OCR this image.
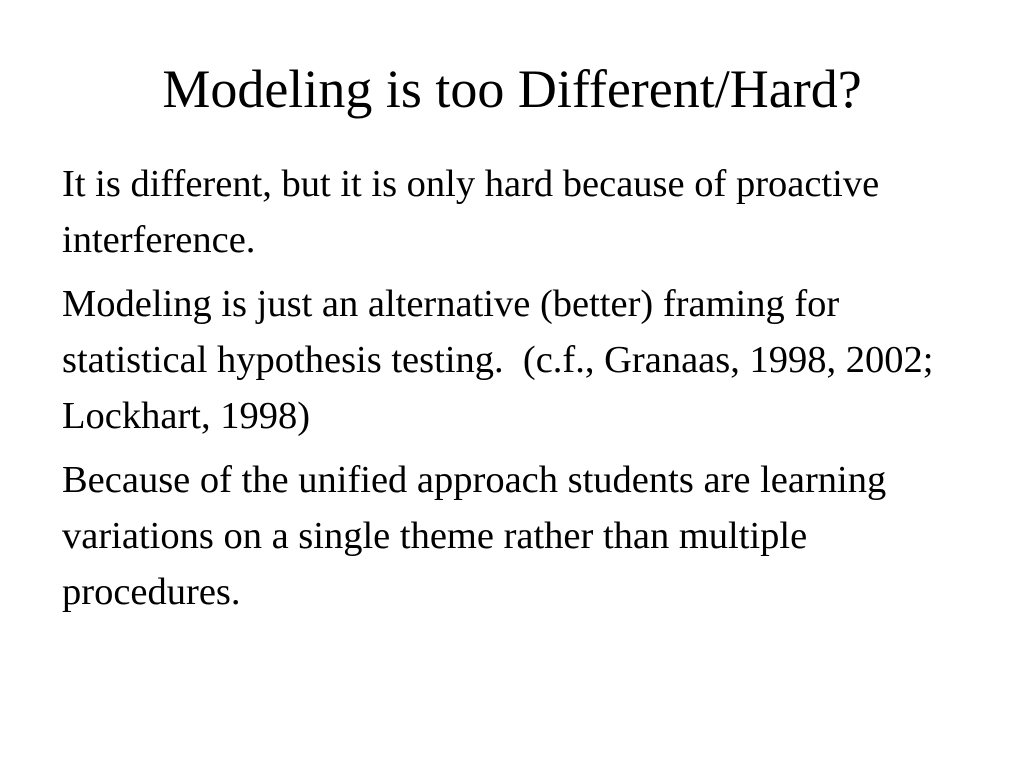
Modeling is too Different/Hard?

It is different, but it is only hard because of proactive interference.

Modeling is just an alternative (better) framing for statistical hypothesis testing.  (c.f., Granaas, 1998, 2002; Lockhart, 1998)

Because of the unified approach students are learning variations on a single theme rather than multiple procedures.
